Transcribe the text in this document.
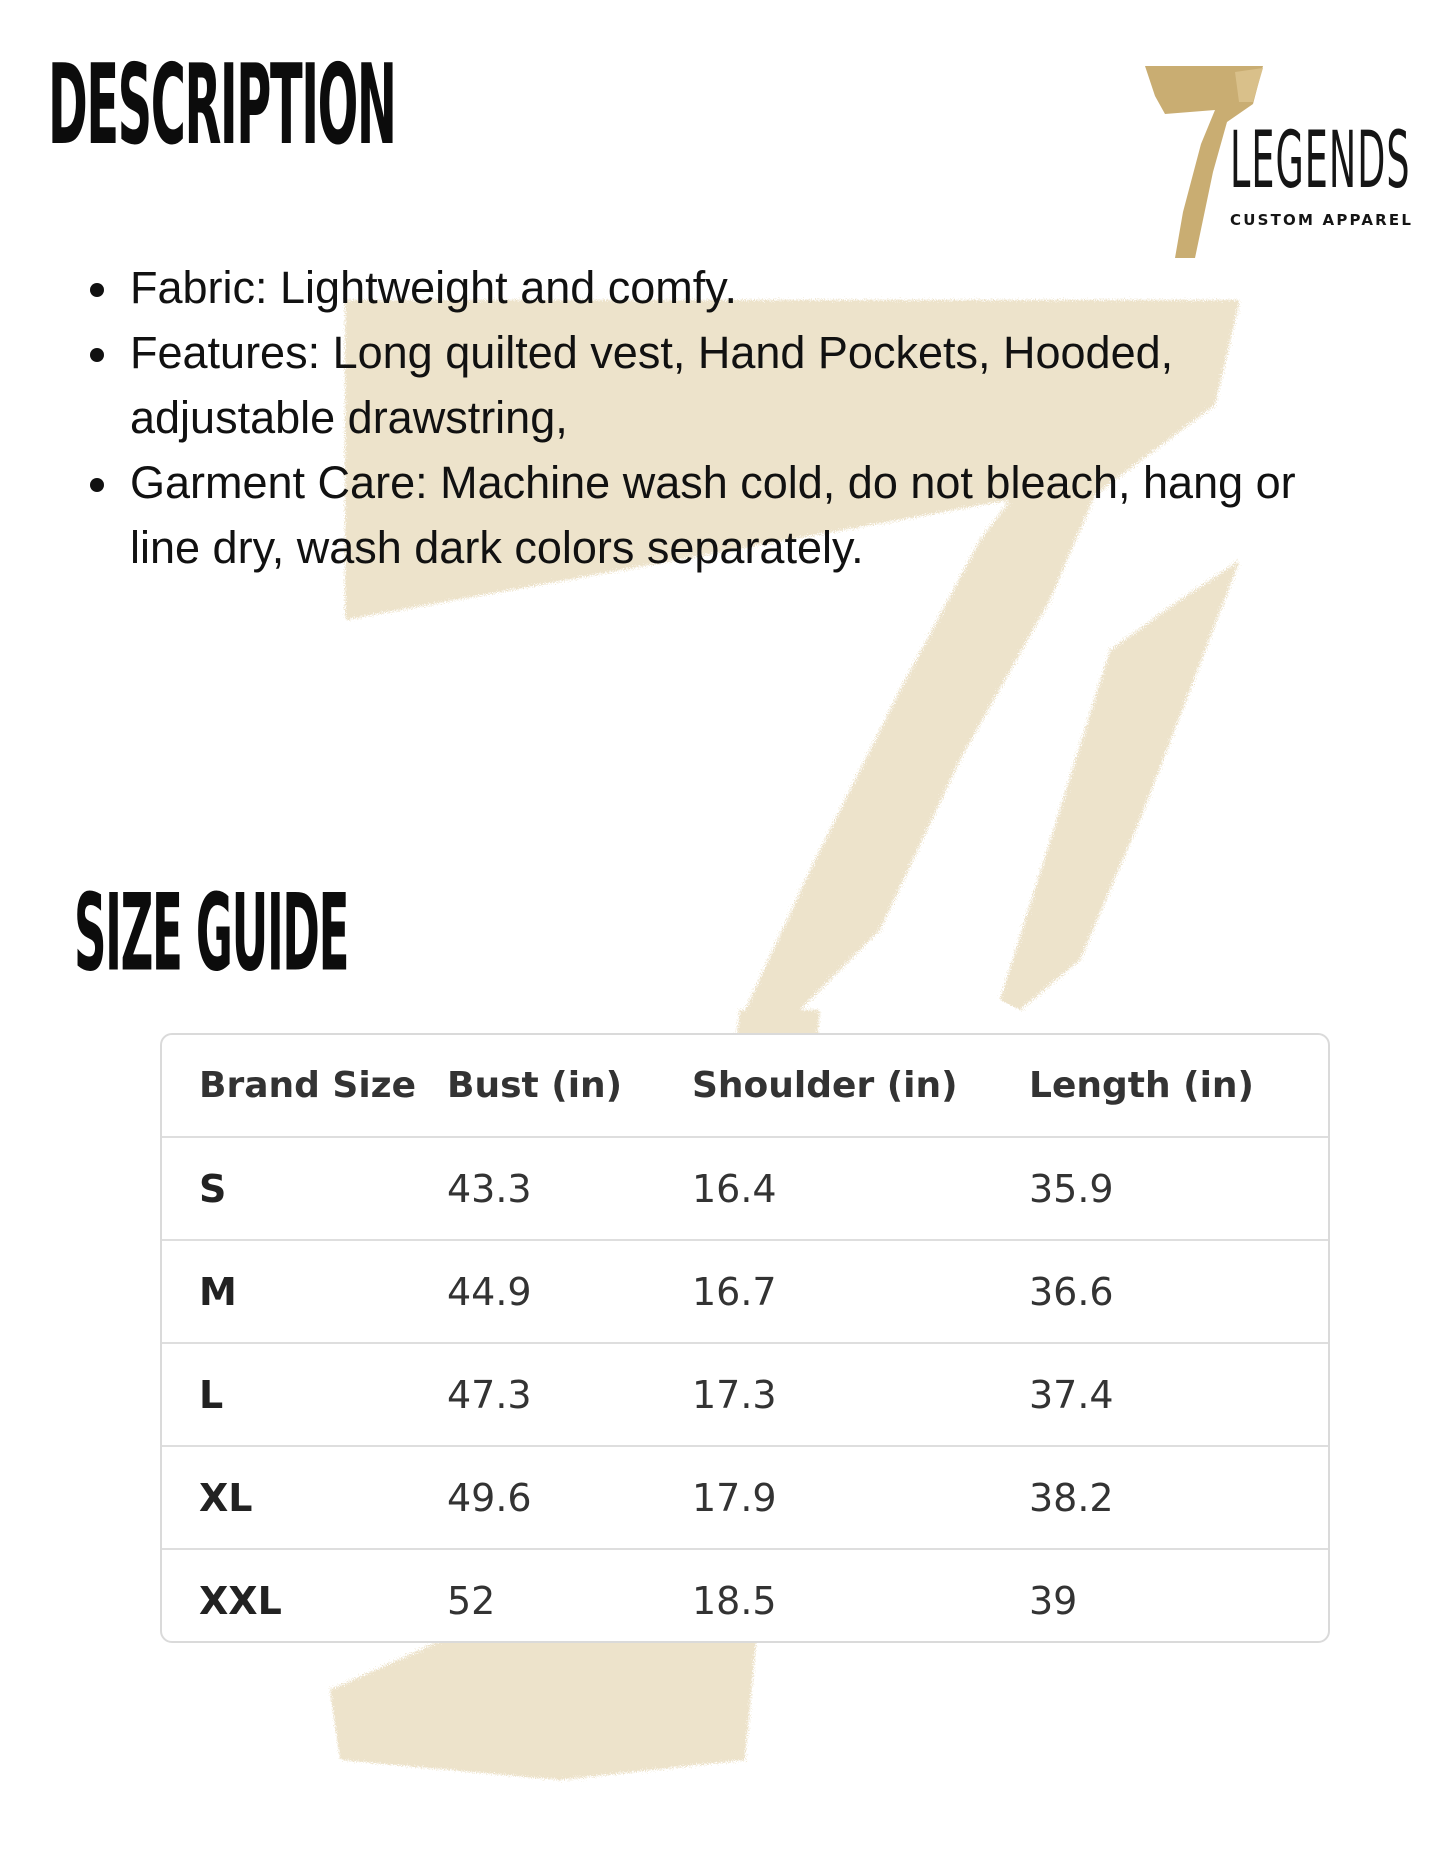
DESCRIPTION	LEGENDS
CUSTOM APPAREL
• Fabric: Lightweight and comfy.
• Features: Long quilted vest, Hand Pockets, Hooded, adjustable drawstring,
• Garment Care: Machine wash cold, do not bleach, hang or line dry, wash dark colors separately.
SIZE GUIDE
Brand Size	Bust (in)	Shoulder (in)	Length (in)
S	43.3	16.4	35.9
M	44.9	16.7	36.6
L	47.3	17.3	37.4
XL	49.6	17.9	38.2
XXL	52	18.5	39
